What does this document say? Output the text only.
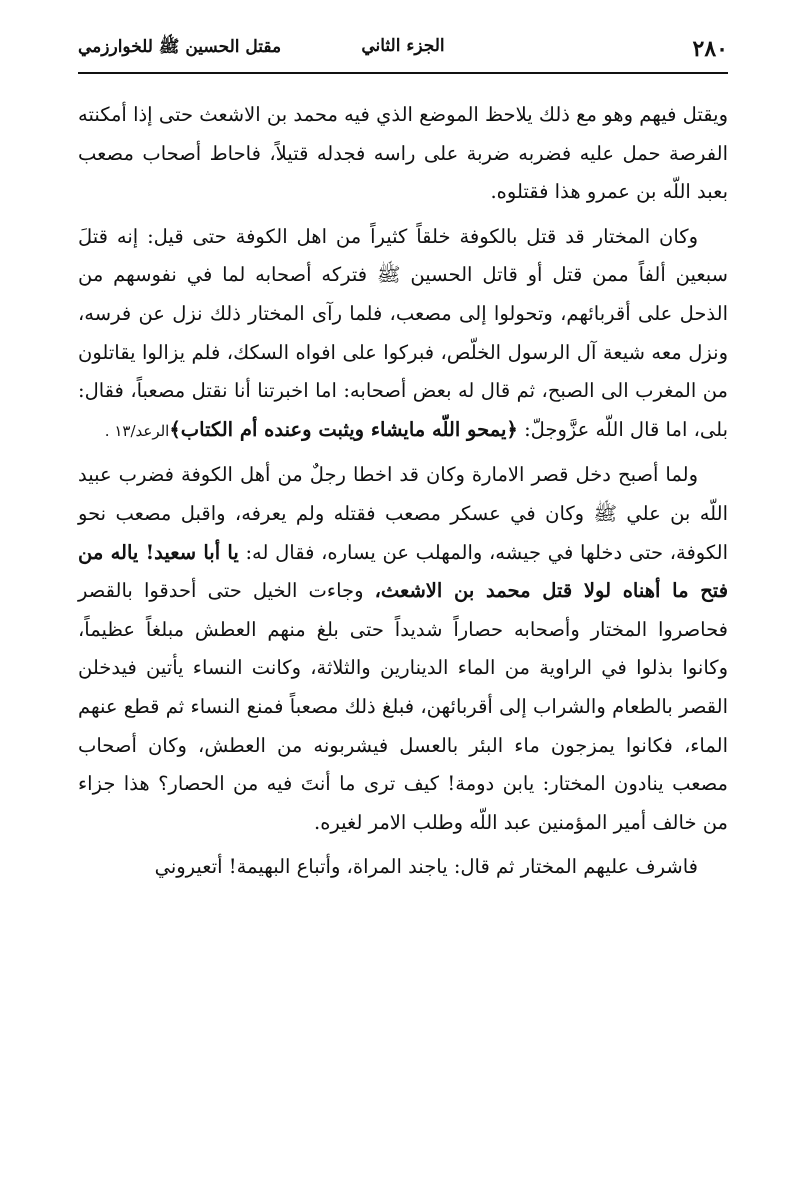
٢٨٠
الجزء الثاني
مقتل الحسين ﷺ للخوارزمي

ويقتل فيهم وهو مع ذلك يلاحظ الموضع الذي فيه محمد بن الاشعث حتى إذا أمكنته الفرصة حمل عليه فضربه ضربة على راسه فجدله قتيلاً، فاحاط أصحاب مصعب بعبد اللّه بن عمرو هذا فقتلوه.

وكان المختار قد قتل بالكوفة خلقاً كثيراً من اهل الكوفة حتى قيل: إنه قتلَ سبعين ألفاً ممن قتل أو قاتل الحسين ﷺ فتركه أصحابه لما في نفوسهم من الذحل على أقربائهم، وتحولوا إلى مصعب، فلما رآى المختار ذلك نزل عن فرسه، ونزل معه شيعة آل الرسول الخلّص، فبركوا على افواه السكك، فلم يزالوا يقاتلون من المغرب الى الصبح، ثم قال له بعض أصحابه: اما اخبرتنا أنا نقتل مصعباً، فقال: بلى، اما قال اللّه عزَّوجلّ: ﴿يمحو اللّه مايشاء ويثبت وعنده أم الكتاب﴾الرعد/١٣ .

ولما أصبح دخل قصر الامارة وكان قد اخطا رجلٌ من أهل الكوفة فضرب عبيد اللّه بن علي ﷺ وكان في عسكر مصعب فقتله ولم يعرفه، واقبل مصعب نحو الكوفة، حتى دخلها في جيشه، والمهلب عن يساره، فقال له: يا أبا سعيد! ياله من فتح ما أهناه لولا قتل محمد بن الاشعث، وجاءت الخيل حتى أحدقوا بالقصر فحاصروا المختار وأصحابه حصاراً شديداً حتى بلغ منهم العطش مبلغاً عظيماً، وكانوا بذلوا في الراوية من الماء الدينارين والثلاثة، وكانت النساء يأتين فيدخلن القصر بالطعام والشراب إلى أقربائهن، فبلغ ذلك مصعباً فمنع النساء ثم قطع عنهم الماء، فكانوا يمزجون ماء البئر بالعسل فيشربونه من العطش، وكان أصحاب مصعب ينادون المختار: يابن دومة! كيف ترى ما أنتَ فيه من الحصار؟ هذا جزاء من خالف أمير المؤمنين عبد اللّه وطلب الامر لغيره.

فاشرف عليهم المختار ثم قال: ياجند المراة، وأتباع البهيمة! أتعيروني
